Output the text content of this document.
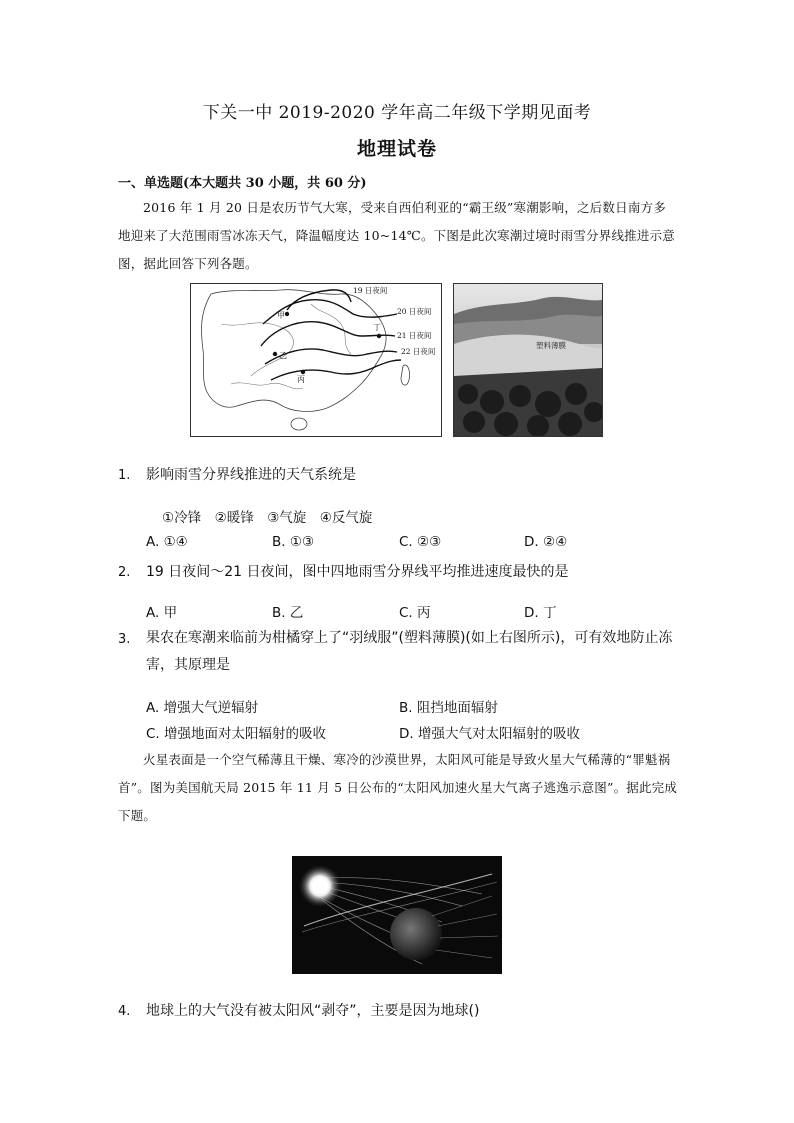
下关一中 2019-2020 学年高二年级下学期见面考
地理试卷
一、单选题(本大题共 30 小题，共 60 分)

2016 年 1 月 20 日是农历节气大寒，受来自西伯利亚的“霸王级”寒潮影响，之后数日南方多地迎来了大范围雨雪冰冻天气，降温幅度达 10~14℃。下图是此次寒潮过境时雨雪分界线推进示意图，据此回答下列各题。

甲
乙
丙
丁
19 日夜间
20 日夜间
21 日夜间
22 日夜间
塑料薄膜
1. 影响雨雪分界线推进的天气系统是
①冷锋　②暖锋　③气旋　④反气旋
A. ①④	B. ①③	C. ②③	D. ②④
2. 19 日夜间～21 日夜间，图中四地雨雪分界线平均推进速度最快的是
A. 甲	B. 乙	C. 丙	D. 丁
3. 果农在寒潮来临前为柑橘穿上了“羽绒服”(塑料薄膜)(如上右图所示)，可有效地防止冻害，其原理是
A. 增强大气逆辐射	B. 阻挡地面辐射
C. 增强地面对太阳辐射的吸收	D. 增强大气对太阳辐射的吸收

火星表面是一个空气稀薄且干燥、寒冷的沙漠世界，太阳风可能是导致火星大气稀薄的“罪魁祸首”。图为美国航天局 2015 年 11 月 5 日公布的“太阳风加速火星大气离子逃逸示意图”。据此完成下题。

4. 地球上的大气没有被太阳风“剥夺”，主要是因为地球()
